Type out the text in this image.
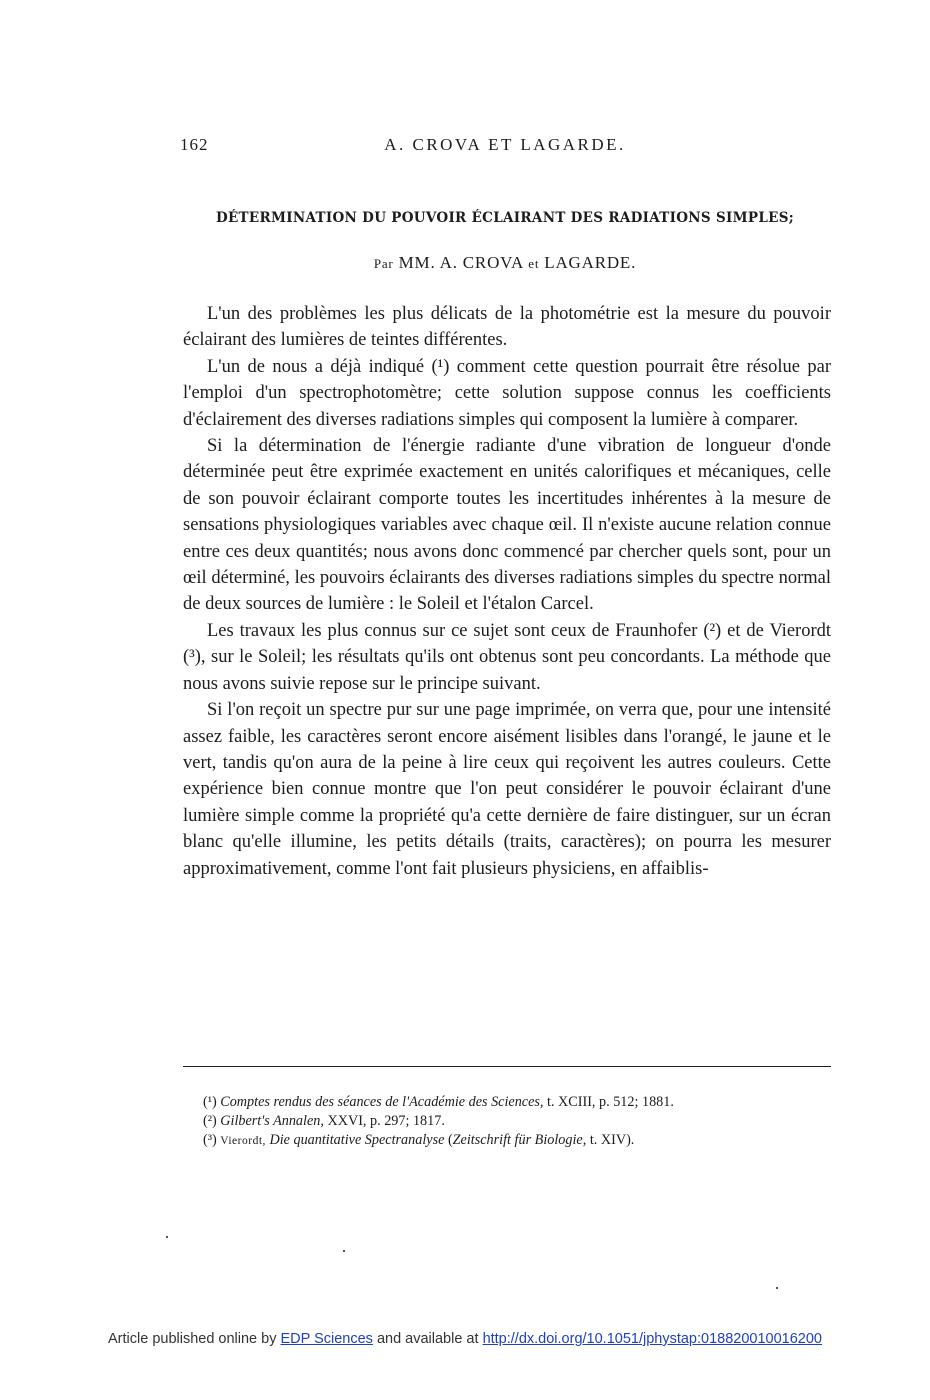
162	A. CROVA ET LAGARDE.
DÉTERMINATION DU POUVOIR ÉCLAIRANT DES RADIATIONS SIMPLES;
Par MM. A. CROVA et LAGARDE.

L'un des problèmes les plus délicats de la photométrie est la mesure du pouvoir éclairant des lumières de teintes différentes.

L'un de nous a déjà indiqué (¹) comment cette question pourrait être résolue par l'emploi d'un spectrophotomètre; cette solution suppose connus les coefficients d'éclairement des diverses radiations simples qui composent la lumière à comparer.

Si la détermination de l'énergie radiante d'une vibration de longueur d'onde déterminée peut être exprimée exactement en unités calorifiques et mécaniques, celle de son pouvoir éclairant comporte toutes les incertitudes inhérentes à la mesure de sensations physiologiques variables avec chaque œil. Il n'existe aucune relation connue entre ces deux quantités; nous avons donc commencé par chercher quels sont, pour un œil déterminé, les pouvoirs éclairants des diverses radiations simples du spectre normal de deux sources de lumière : le Soleil et l'étalon Carcel.

Les travaux les plus connus sur ce sujet sont ceux de Fraunhofer (²) et de Vierordt (³), sur le Soleil; les résultats qu'ils ont obtenus sont peu concordants. La méthode que nous avons suivie repose sur le principe suivant.

Si l'on reçoit un spectre pur sur une page imprimée, on verra que, pour une intensité assez faible, les caractères seront encore aisément lisibles dans l'orangé, le jaune et le vert, tandis qu'on aura de la peine à lire ceux qui reçoivent les autres couleurs. Cette expérience bien connue montre que l'on peut considérer le pouvoir éclairant d'une lumière simple comme la propriété qu'a cette dernière de faire distinguer, sur un écran blanc qu'elle illumine, les petits détails (traits, caractères); on pourra les mesurer approximativement, comme l'ont fait plusieurs physiciens, en affaiblis-

(¹) Comptes rendus des séances de l'Académie des Sciences, t. XCIII, p. 512; 1881.

(²) Gilbert's Annalen, XXVI, p. 297; 1817.

(³) Vierordt, Die quantitative Spectranalyse (Zeitschrift für Biologie, t. XIV).

Article published online by EDP Sciences and available at http://dx.doi.org/10.1051/jphystap:018820010016200
